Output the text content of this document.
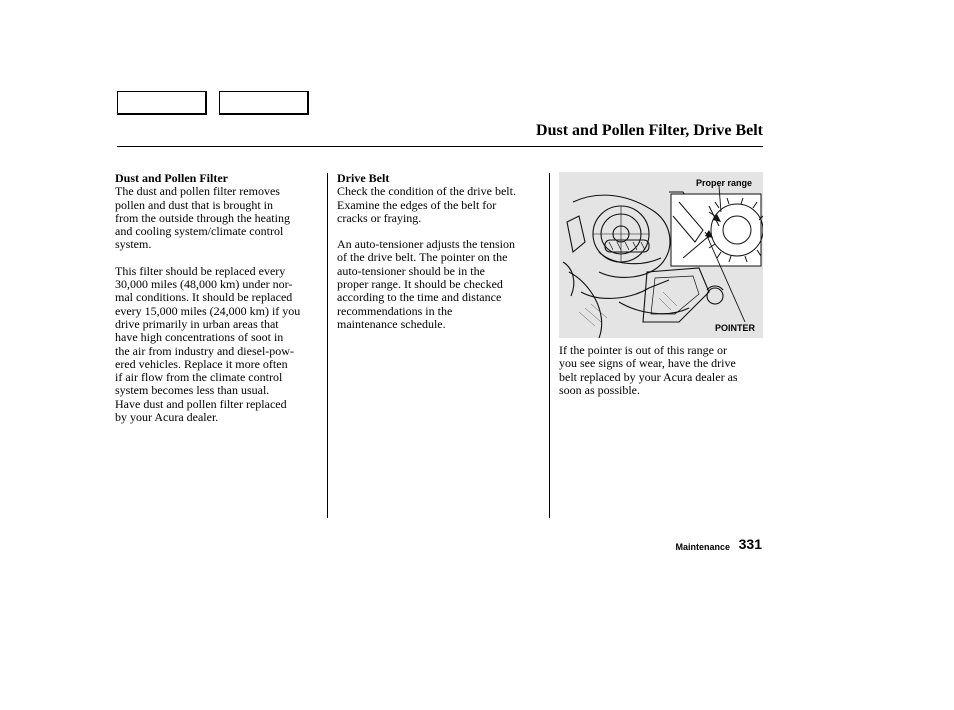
Dust and Pollen Filter, Drive Belt
Dust and Pollen Filter

The dust and pollen filter removes
pollen and dust that is brought in
from the outside through the heating
and cooling system/climate control
system.

This filter should be replaced every
30,000 miles (48,000 km) under nor-
mal conditions. It should be replaced
every 15,000 miles (24,000 km) if you
drive primarily in urban areas that
have high concentrations of soot in
the air from industry and diesel-pow-
ered vehicles. Replace it more often
if air flow from the climate control
system becomes less than usual.
Have dust and pollen filter replaced
by your Acura dealer.

Drive Belt

Check the condition of the drive belt.
Examine the edges of the belt for
cracks or fraying.

An auto-tensioner adjusts the tension
of the drive belt. The pointer on the
auto-tensioner should be in the
proper range. It should be checked
according to the time and distance
recommendations in the
maintenance schedule.

Proper range
POINTER

If the pointer is out of this range or
you see signs of wear, have the drive
belt replaced by your Acura dealer as
soon as possible.

Maintenance 331
